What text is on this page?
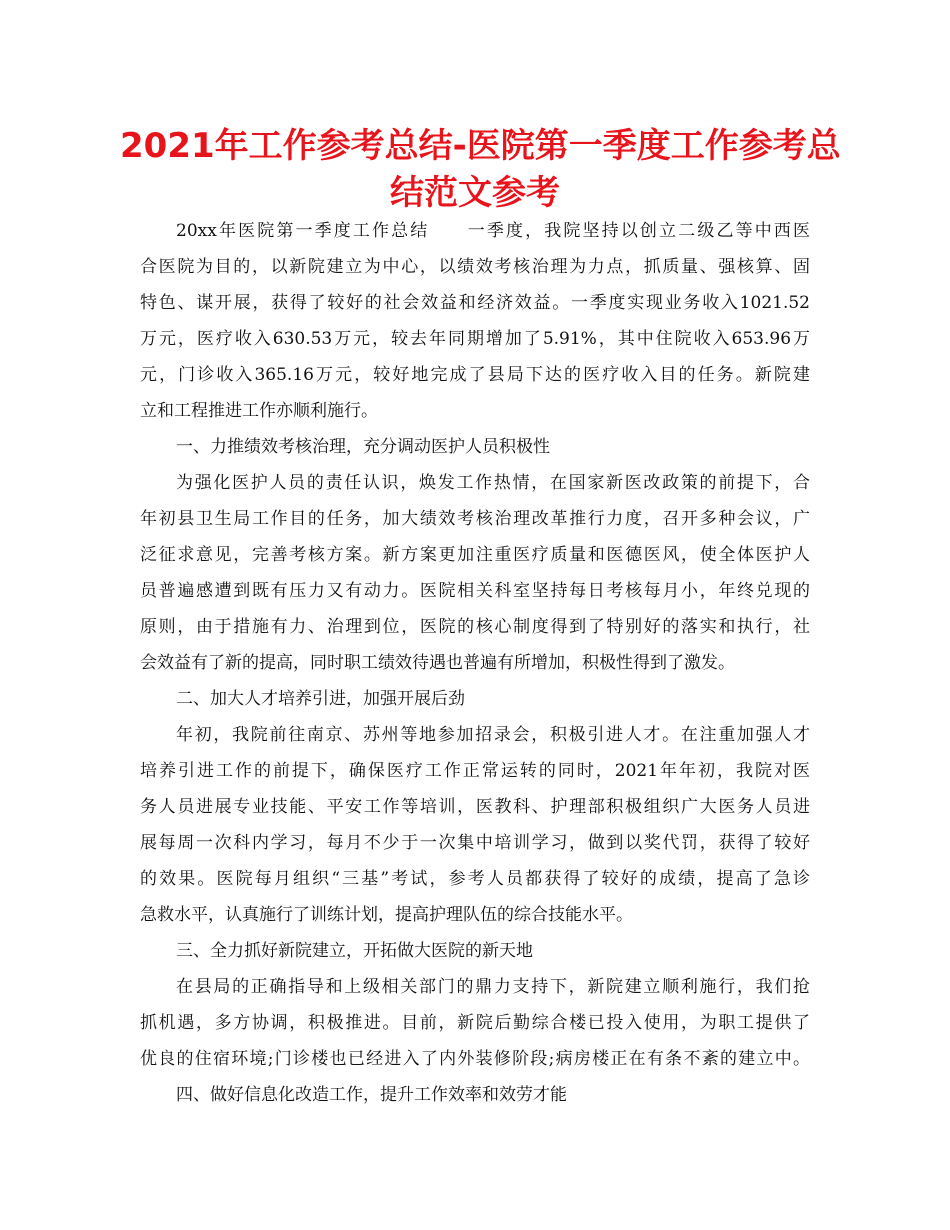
2021年工作参考总结-医院第一季度工作参考总
结范文参考
20xx年医院第一季度工作总结　　一季度，我院坚持以创立二级乙等中西医
合医院为目的，以新院建立为中心，以绩效考核治理为力点，抓质量、强核算、固
特色、谋开展，获得了较好的社会效益和经济效益。一季度实现业务收入1021.52
万元，医疗收入630.53万元，较去年同期增加了5.91%，其中住院收入653.96万
元，门诊收入365.16万元，较好地完成了县局下达的医疗收入目的任务。新院建
立和工程推进工作亦顺利施行。
一、力推绩效考核治理，充分调动医护人员积极性
为强化医护人员的责任认识，焕发工作热情，在国家新医改政策的前提下，合
年初县卫生局工作目的任务，加大绩效考核治理改革推行力度，召开多种会议，广
泛征求意见，完善考核方案。新方案更加注重医疗质量和医德医风，使全体医护人
员普遍感遭到既有压力又有动力。医院相关科室坚持每日考核每月小，年终兑现的
原则，由于措施有力、治理到位，医院的核心制度得到了特别好的落实和执行，社
会效益有了新的提高，同时职工绩效待遇也普遍有所增加，积极性得到了激发。
二、加大人才培养引进，加强开展后劲
年初，我院前往南京、苏州等地参加招录会，积极引进人才。在注重加强人才
培养引进工作的前提下，确保医疗工作正常运转的同时，2021年年初，我院对医
务人员进展专业技能、平安工作等培训，医教科、护理部积极组织广大医务人员进
展每周一次科内学习，每月不少于一次集中培训学习，做到以奖代罚，获得了较好
的效果。医院每月组织“三基”考试，参考人员都获得了较好的成绩，提高了急诊
急救水平，认真施行了训练计划，提高护理队伍的综合技能水平。
三、全力抓好新院建立，开拓做大医院的新天地
在县局的正确指导和上级相关部门的鼎力支持下，新院建立顺利施行，我们抢
抓机遇，多方协调，积极推进。目前，新院后勤综合楼已投入使用，为职工提供了
优良的住宿环境;门诊楼也已经进入了内外装修阶段;病房楼正在有条不紊的建立中。
四、做好信息化改造工作，提升工作效率和效劳才能
